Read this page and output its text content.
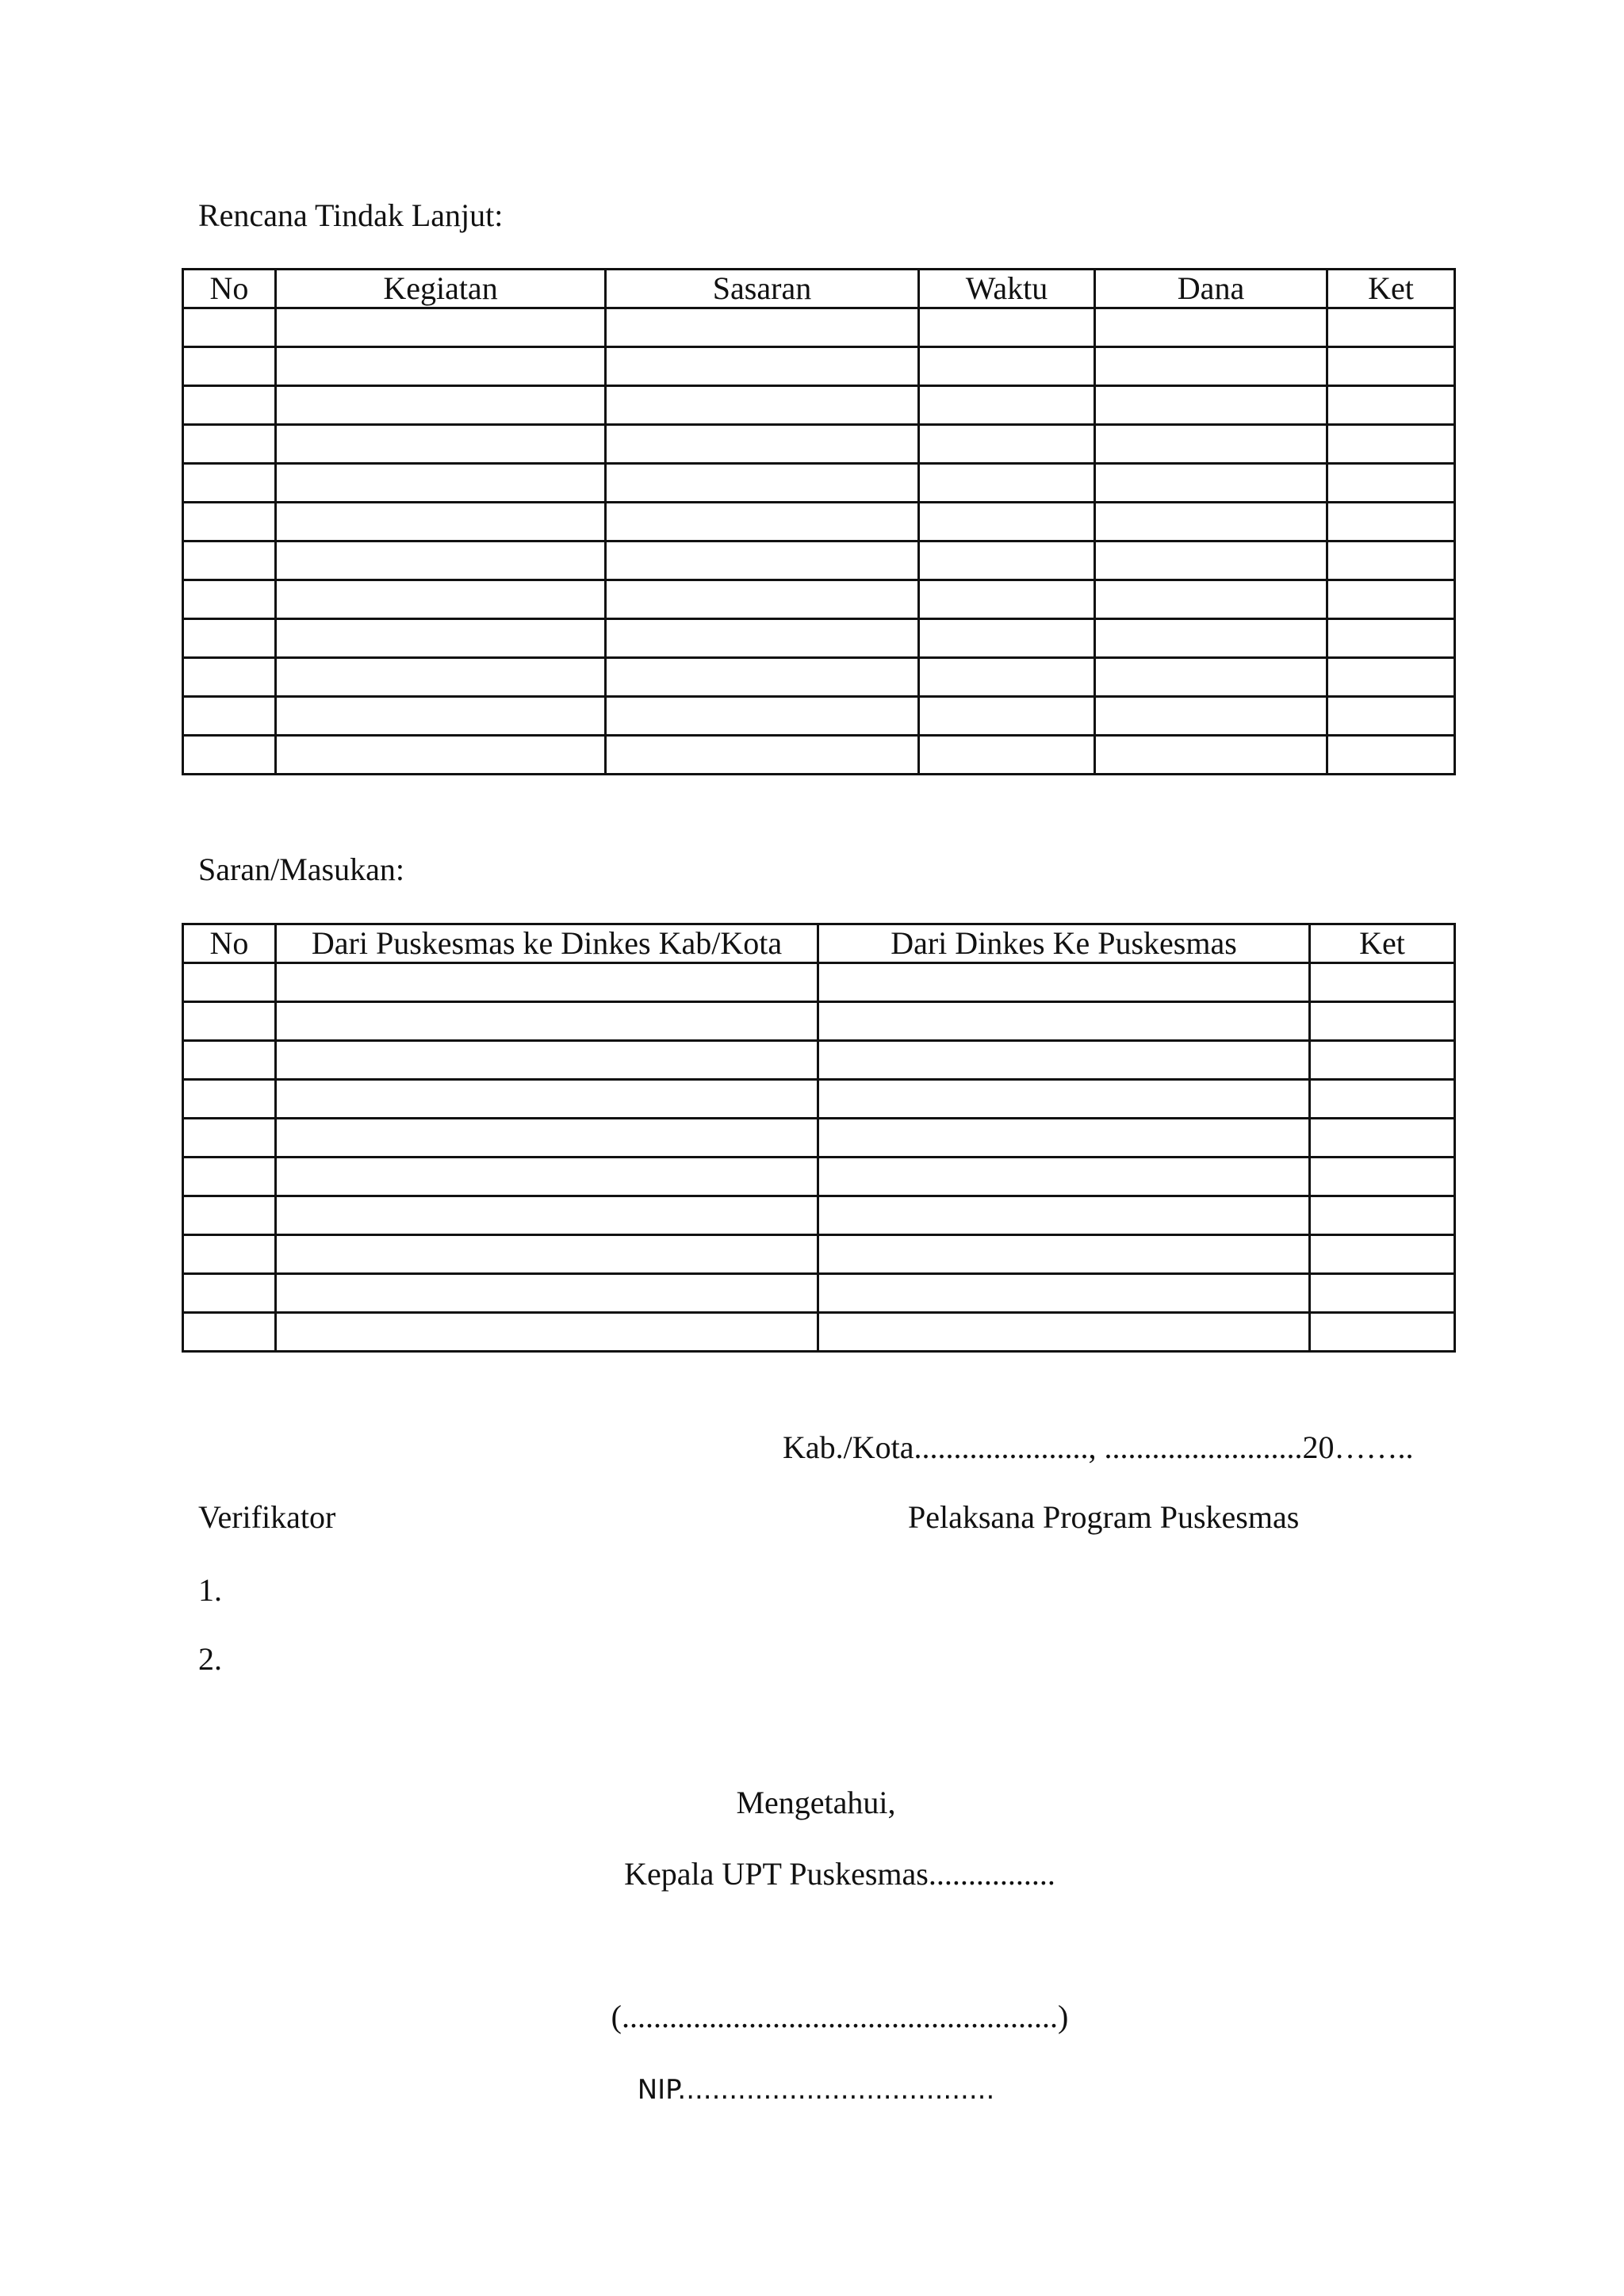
Rencana Tindak Lanjut:
No	Kegiatan	Sasaran	Waktu	Dana	Ket

Saran/Masukan:
No	Dari Puskesmas ke Dinkes Kab/Kota	Dari Dinkes Ke Puskesmas	Ket

Kab./Kota......................, .........................20……..
Verifikator	Pelaksana Program Puskesmas
1.
2.
Mengetahui,
Kepala UPT Puskesmas................
(.......................................................)
NIP.....................................
